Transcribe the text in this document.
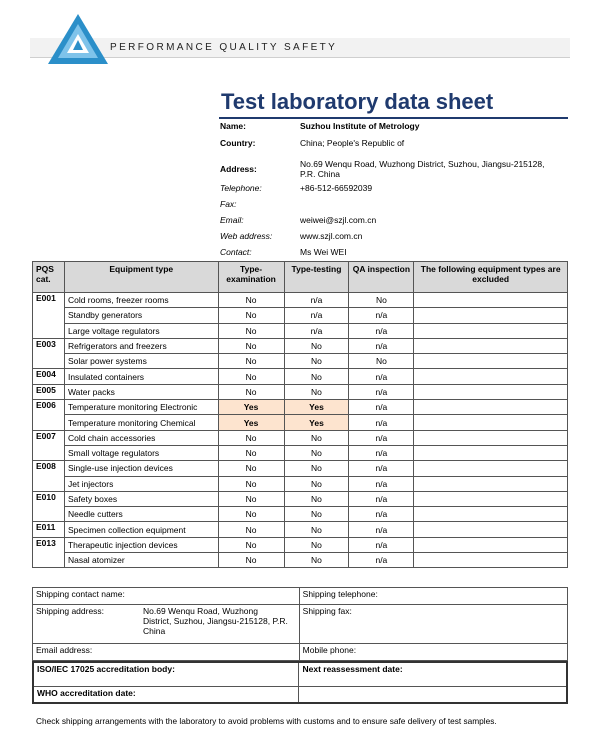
PERFORMANCE QUALITY SAFETY
Test laboratory data sheet
Name:	Suzhou Institute of Metrology
Country:	China; People's Republic of
Address:	No.69 Wenqu Road, Wuzhong District, Suzhou, Jiangsu-215128, P.R. China
Telephone:	+86-512-66592039
Fax:
Email:	weiwei@szjl.com.cn
Web address:	www.szjl.com.cn
Contact:	Ms Wei WEI
PQS cat.	Equipment type	Type-examination	Type-testing	QA inspection	The following equipment types are excluded
E001	Cold rooms, freezer rooms	No	n/a	No	
	Standby generators	No	n/a	n/a	
	Large voltage regulators	No	n/a	n/a	
E003	Refrigerators and freezers	No	No	n/a	
	Solar power systems	No	No	No	
E004	Insulated containers	No	No	n/a	
E005	Water packs	No	No	n/a	
E006	Temperature monitoring Electronic	Yes	Yes	n/a	
	Temperature monitoring Chemical	Yes	Yes	n/a	
E007	Cold chain accessories	No	No	n/a	
	Small voltage regulators	No	No	n/a	
E008	Single-use injection devices	No	No	n/a	
	Jet injectors	No	No	n/a	
E010	Safety boxes	No	No	n/a	
	Needle cutters	No	No	n/a	
E011	Specimen collection equipment	No	No	n/a	
E013	Therapeutic injection devices	No	No	n/a	
	Nasal atomizer	No	No	n/a	
Shipping contact name:	Shipping telephone:
Shipping address: No.69 Wenqu Road, Wuzhong District, Suzhou, Jiangsu-215128, P.R. China	Shipping fax:
Email address:	Mobile phone:
ISO/IEC 17025 accreditation body:	Next reassessment date:
WHO accreditation date:	
Check shipping arrangements with the laboratory to avoid problems with customs and to ensure safe delivery of test samples.
